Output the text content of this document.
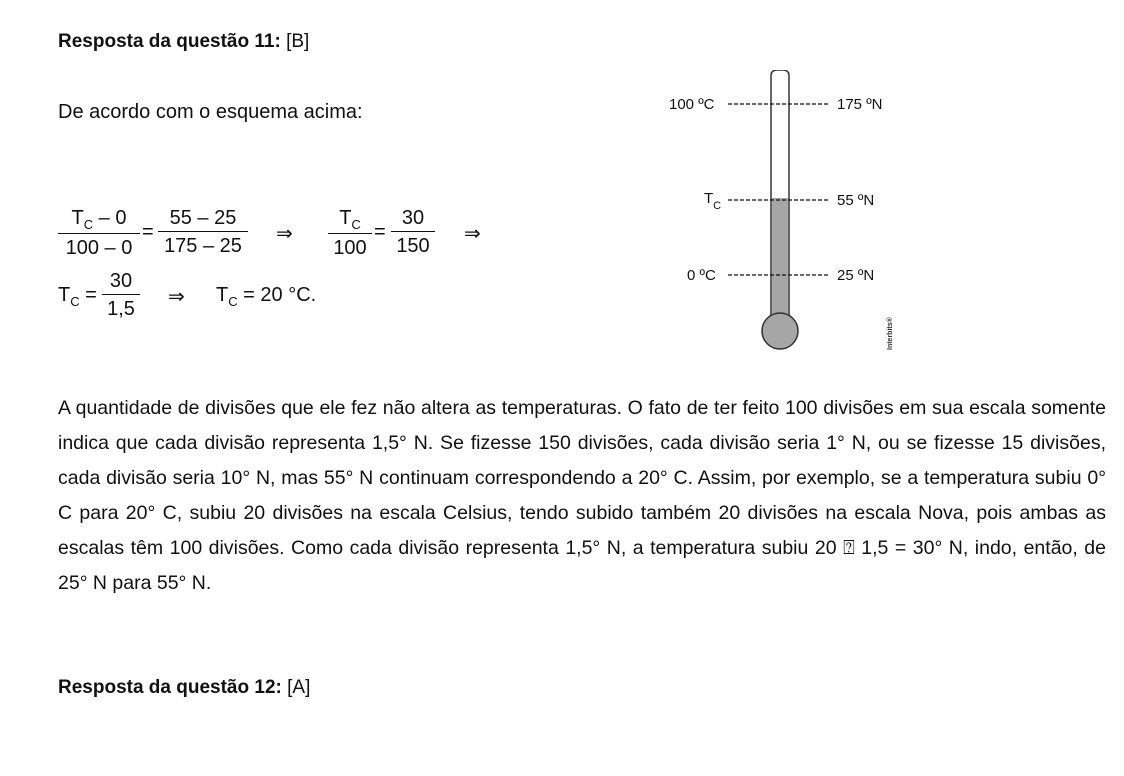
Resposta da questão 11: [B]
De acordo com o esquema acima:
$\frac{T_C - 0}{100 - 0} = \frac{55 - 25}{175 - 25}$ ⇒ $\frac{T_C}{100} = \frac{30}{150}$ ⇒
$T_C = \frac{30}{1,5}$ ⇒ $T_C = 20$ °C.
100 ºC
$T_C$
0 ºC
175 ºN
55 ºN
25 ºN
Interbits®

A quantidade de divisões que ele fez não altera as temperaturas. O fato de ter feito 100 divisões em sua escala somente indica que cada divisão representa 1,5° N. Se fizesse 150 divisões, cada divisão seria 1° N, ou se fizesse 15 divisões, cada divisão seria 10° N, mas 55° N continuam correspondendo a 20° C. Assim, por exemplo, se a temperatura subiu 0° C para 20° C, subiu 20 divisões na escala Celsius, tendo subido também 20 divisões na escala Nova, pois ambas as escalas têm 100 divisões. Como cada divisão representa 1,5° N, a temperatura subiu 20 ⍰ 1,5 = 30° N, indo, então, de 25° N para 55° N.

Resposta da questão 12: [A]
